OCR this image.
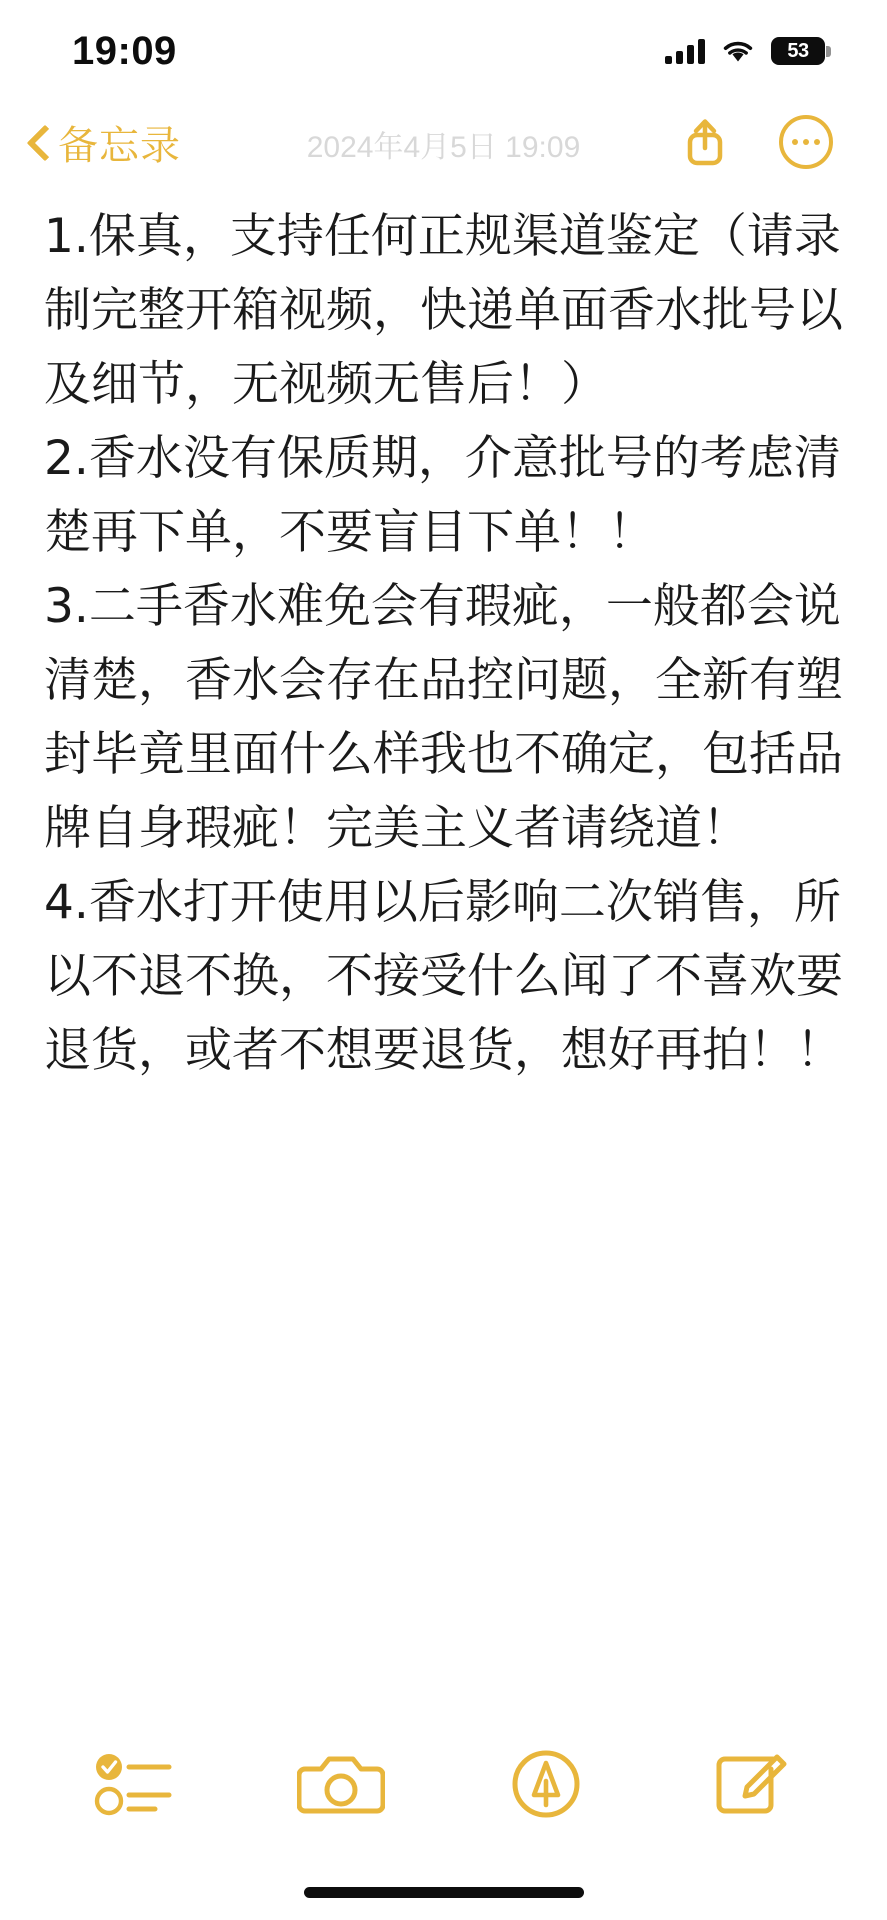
19:09	53
2024年4月5日 19:09
备忘录
1.保真，支持任何正规渠道鉴定（请录制完整开箱视频，快递单面香水批号以及细节，无视频无售后！）
2.香水没有保质期，介意批号的考虑清楚再下单，不要盲目下单！！
3.二手香水难免会有瑕疵，一般都会说清楚，香水会存在品控问题，全新有塑封毕竟里面什么样我也不确定，包括品牌自身瑕疵！完美主义者请绕道！
4.香水打开使用以后影响二次销售，所以不退不换，不接受什么闻了不喜欢要退货，或者不想要退货，想好再拍！！
